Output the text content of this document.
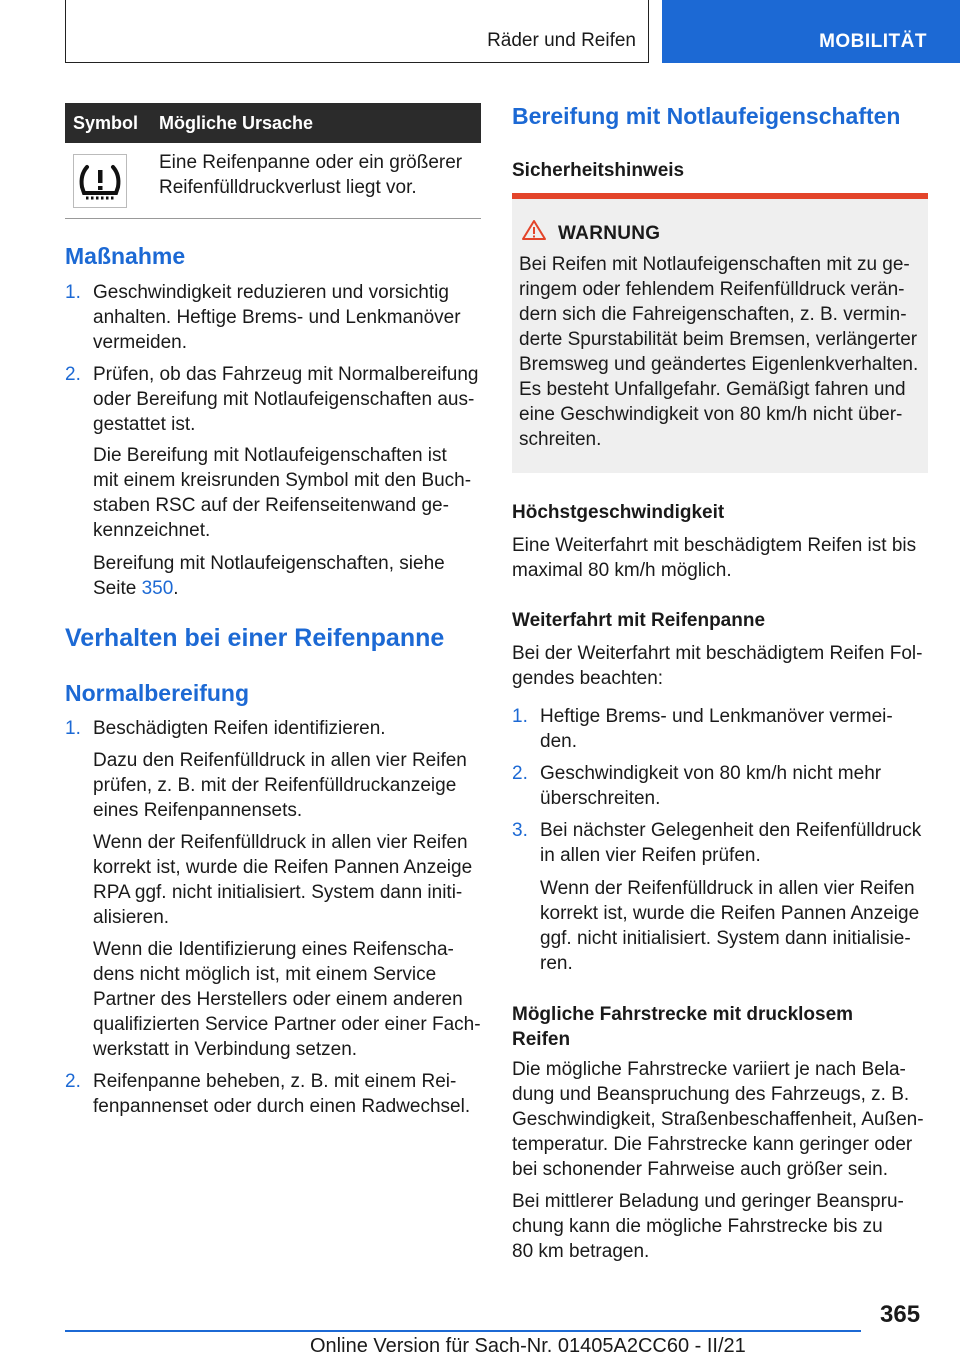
Räder und Reifen	MOBILITÄT
Symbol Mögliche Ursache
Eine Reifenpanne oder ein größerer
Reifenfülldruckverlust liegt vor.
Maßnahme
1. Geschwindigkeit reduzieren und vorsichtig
anhalten. Heftige Brems- und Lenkmanöver
vermeiden.
2. Prüfen, ob das Fahrzeug mit Normalbereifung
oder Bereifung mit Notlaufeigenschaften aus-
gestattet ist.
Die Bereifung mit Notlaufeigenschaften ist
mit einem kreisrunden Symbol mit den Buch-
staben RSC auf der Reifenseitenwand ge-
kennzeichnet.
Bereifung mit Notlaufeigenschaften, siehe
Seite 350.
Verhalten bei einer Reifenpanne
Normalbereifung
1. Beschädigten Reifen identifizieren.
Dazu den Reifenfülldruck in allen vier Reifen
prüfen, z. B. mit der Reifenfülldruckanzeige
eines Reifenpannensets.
Wenn der Reifenfülldruck in allen vier Reifen
korrekt ist, wurde die Reifen Pannen Anzeige
RPA ggf. nicht initialisiert. System dann initi-
alisieren.
Wenn die Identifizierung eines Reifenscha-
dens nicht möglich ist, mit einem Service
Partner des Herstellers oder einem anderen
qualifizierten Service Partner oder einer Fach-
werkstatt in Verbindung setzen.
2. Reifenpanne beheben, z. B. mit einem Rei-
fenpannenset oder durch einen Radwechsel.
Bereifung mit Notlaufeigenschaften
Sicherheitshinweis
WARNUNG
Bei Reifen mit Notlaufeigenschaften mit zu ge-
ringem oder fehlendem Reifenfülldruck verän-
dern sich die Fahreigenschaften, z. B. vermin-
derte Spurstabilität beim Bremsen, verlängerter
Bremsweg und geändertes Eigenlenkverhalten.
Es besteht Unfallgefahr. Gemäßigt fahren und
eine Geschwindigkeit von 80 km/h nicht über-
schreiten.
Höchstgeschwindigkeit
Eine Weiterfahrt mit beschädigtem Reifen ist bis
maximal 80 km/h möglich.
Weiterfahrt mit Reifenpanne
Bei der Weiterfahrt mit beschädigtem Reifen Fol-
gendes beachten:
1. Heftige Brems- und Lenkmanöver vermei-
den.
2. Geschwindigkeit von 80 km/h nicht mehr
überschreiten.
3. Bei nächster Gelegenheit den Reifenfülldruck
in allen vier Reifen prüfen.
Wenn der Reifenfülldruck in allen vier Reifen
korrekt ist, wurde die Reifen Pannen Anzeige
ggf. nicht initialisiert. System dann initialisie-
ren.
Mögliche Fahrstrecke mit drucklosem
Reifen
Die mögliche Fahrstrecke variiert je nach Bela-
dung und Beanspruchung des Fahrzeugs, z. B.
Geschwindigkeit, Straßenbeschaffenheit, Außen-
temperatur. Die Fahrstrecke kann geringer oder
bei schonender Fahrweise auch größer sein.
Bei mittlerer Beladung und geringer Beanspru-
chung kann die mögliche Fahrstrecke bis zu
80 km betragen.
365
Online Version für Sach-Nr. 01405A2CC60 - II/21
